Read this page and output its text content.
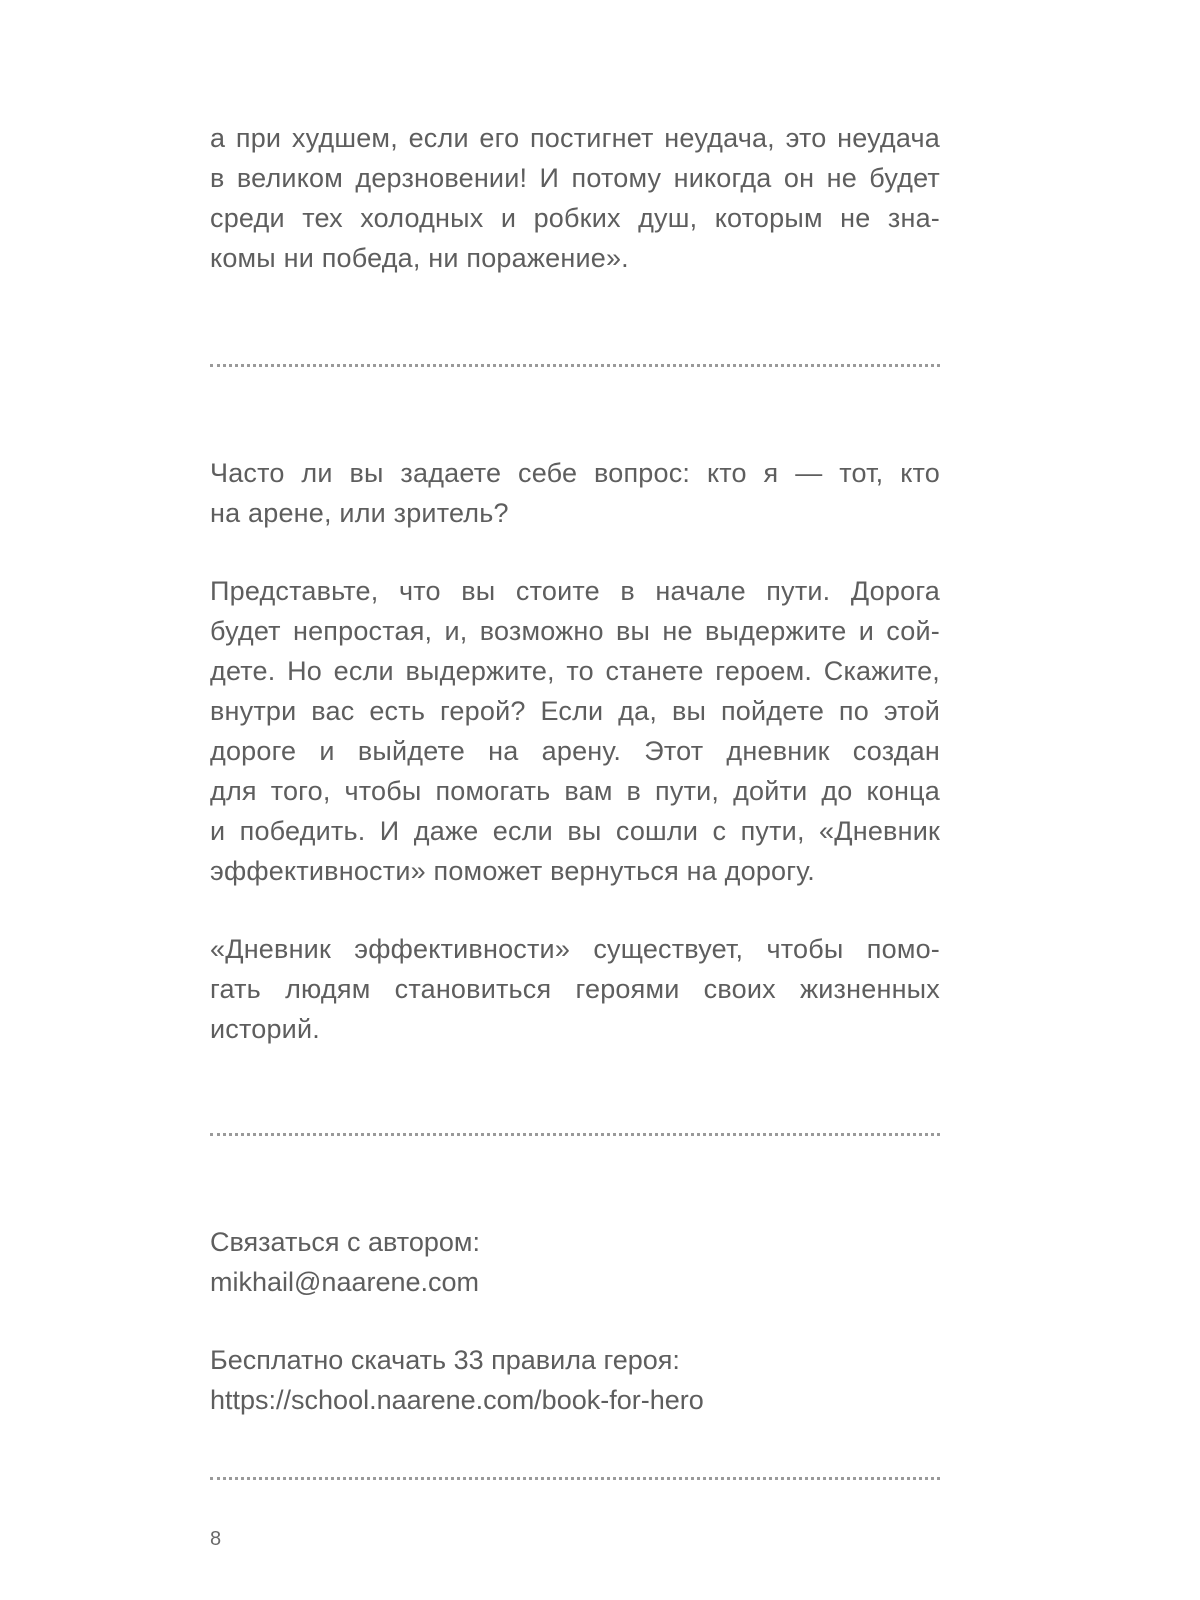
а при худшем, если его постигнет неудача, это неудача
в великом дерзновении! И потому никогда он не будет
среди тех холодных и робких душ, которым не зна-
комы ни победа, ни поражение».

Часто ли вы задаете себе вопрос: кто я — тот, кто
на арене, или зритель?

Представьте, что вы стоите в начале пути. Дорога
будет непростая, и, возможно вы не выдержите и сой-
дете. Но если выдержите, то станете героем. Скажите,
внутри вас есть герой? Если да, вы пойдете по этой
дороге и выйдете на арену. Этот дневник создан
для того, чтобы помогать вам в пути, дойти до конца
и победить. И даже если вы сошли с пути, «Дневник
эффективности» поможет вернуться на дорогу.

«Дневник эффективности» существует, чтобы помо-
гать людям становиться героями своих жизненных
историй.

Связаться с автором:

mikhail@naarene.com

Бесплатно скачать 33 правила героя:

https://school.naarene.com/book-for-hero

8
